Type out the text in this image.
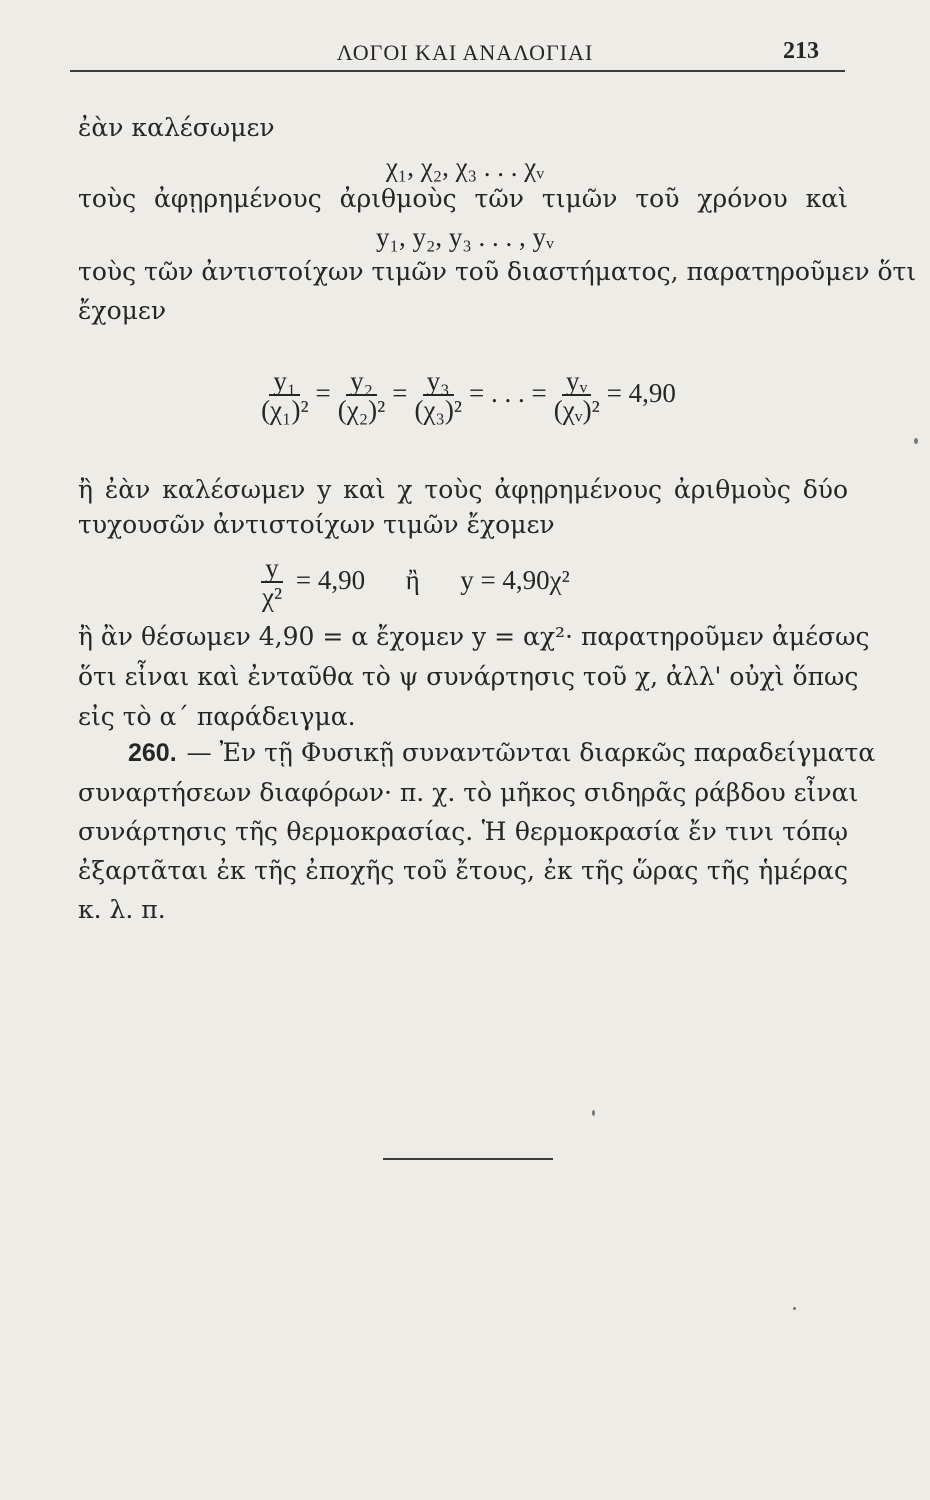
ΛΟΓΟΙ ΚΑΙ ΑΝΑΛΟΓΙΑΙ	213
ἐὰν καλέσωμεν
χ₁, χ₂, χ₃ . . . χᵥ
τοὺς ἀφῃρημένους ἀριθμοὺς τῶν τιμῶν τοῦ χρόνου καὶ
y₁, y₂, y₃ . . . , yᵥ
τοὺς τῶν ἀντιστοίχων τιμῶν τοῦ διαστήματος, παρατηροῦμεν ὅτι
ἔχομεν
$\frac{\text{y₁}}{\text{(χ₁)²}} = \frac{\text{y₂}}{\text{(χ₂)²}} = \frac{\text{y₃}}{\text{(χ₃)²}}$ = . . . = $\frac{\text{yᵥ}}{\text{(χᵥ)²}} = 4,90$
ἢ ἐὰν καλέσωμεν y καὶ χ τοὺς ἀφῃρημένους ἀριθμοὺς δύο
τυχουσῶν ἀντιστοίχων τιμῶν ἔχομεν
$\frac{y}{\text{χ²}} = 4,90$      ἢ      y = 4,90χ²
ἢ ἂν θέσωμεν 4,90 = α ἔχομεν y = αχ²· παρατηροῦμεν ἀμέσως
ὅτι εἶναι καὶ ἐνταῦθα τὸ ψ συνάρτησις τοῦ χ, ἀλλ' οὐχὶ ὅπως
εἰς τὸ α΄ παράδειγμα.
260. — Ἐν τῇ Φυσικῇ συναντῶνται διαρκῶς παραδείγματα
συναρτήσεων διαφόρων· π. χ. τὸ μῆκος σιδηρᾶς ράβδου εἶναι
συνάρτησις τῆς θερμοκρασίας. Ἡ θερμοκρασία ἔν τινι τόπῳ
ἐξαρτᾶται ἐκ τῆς ἐποχῆς τοῦ ἔτους, ἐκ τῆς ὥρας τῆς ἡμέρας
κ. λ. π.
